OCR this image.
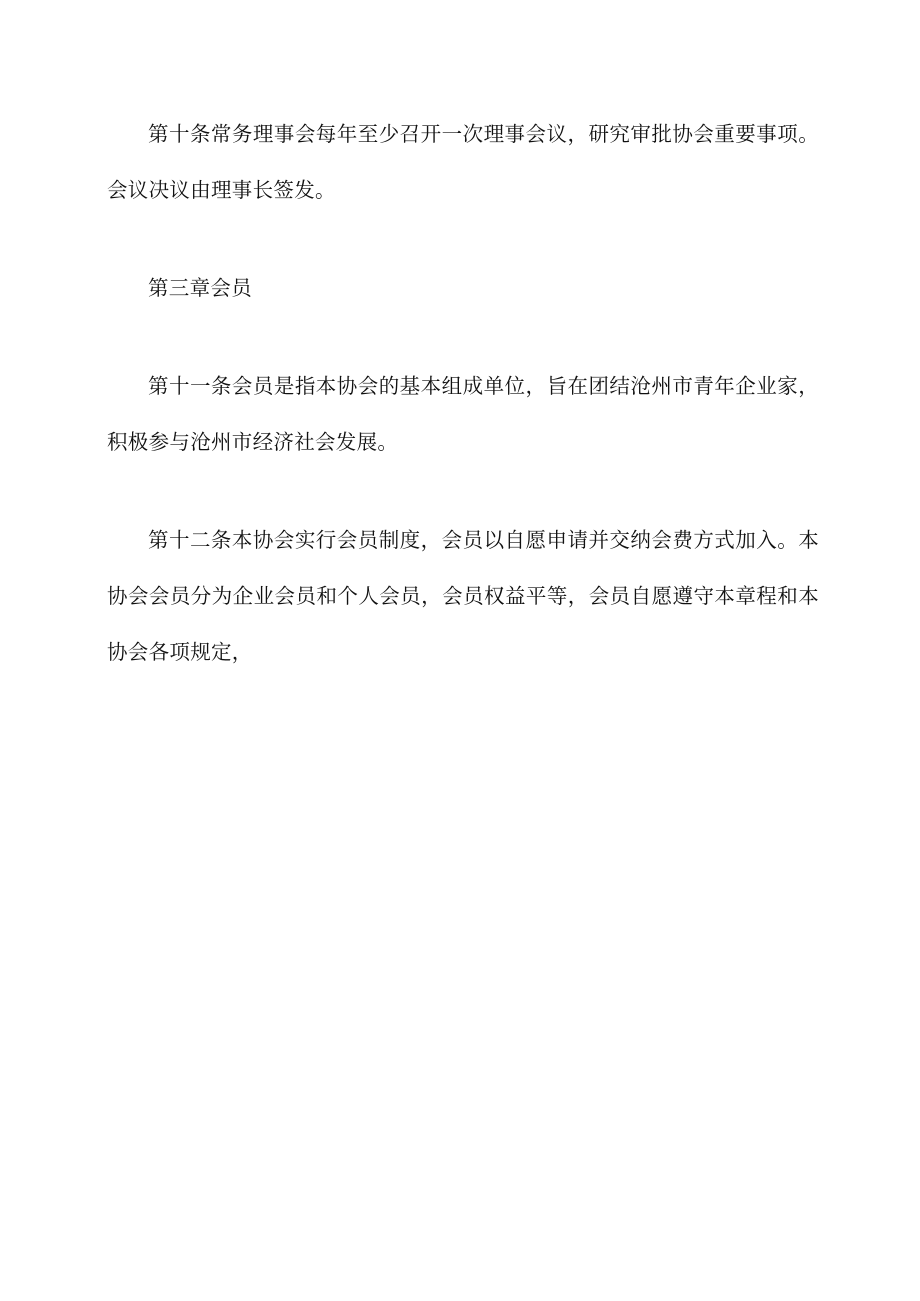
第十条常务理事会每年至少召开一次理事会议，研究审批协会重要事项。会议决议由理事长签发。

第三章会员

第十一条会员是指本协会的基本组成单位，旨在团结沧州市青年企业家，积极参与沧州市经济社会发展。

第十二条本协会实行会员制度，会员以自愿申请并交纳会费方式加入。本协会会员分为企业会员和个人会员，会员权益平等，会员自愿遵守本章程和本协会各项规定，
